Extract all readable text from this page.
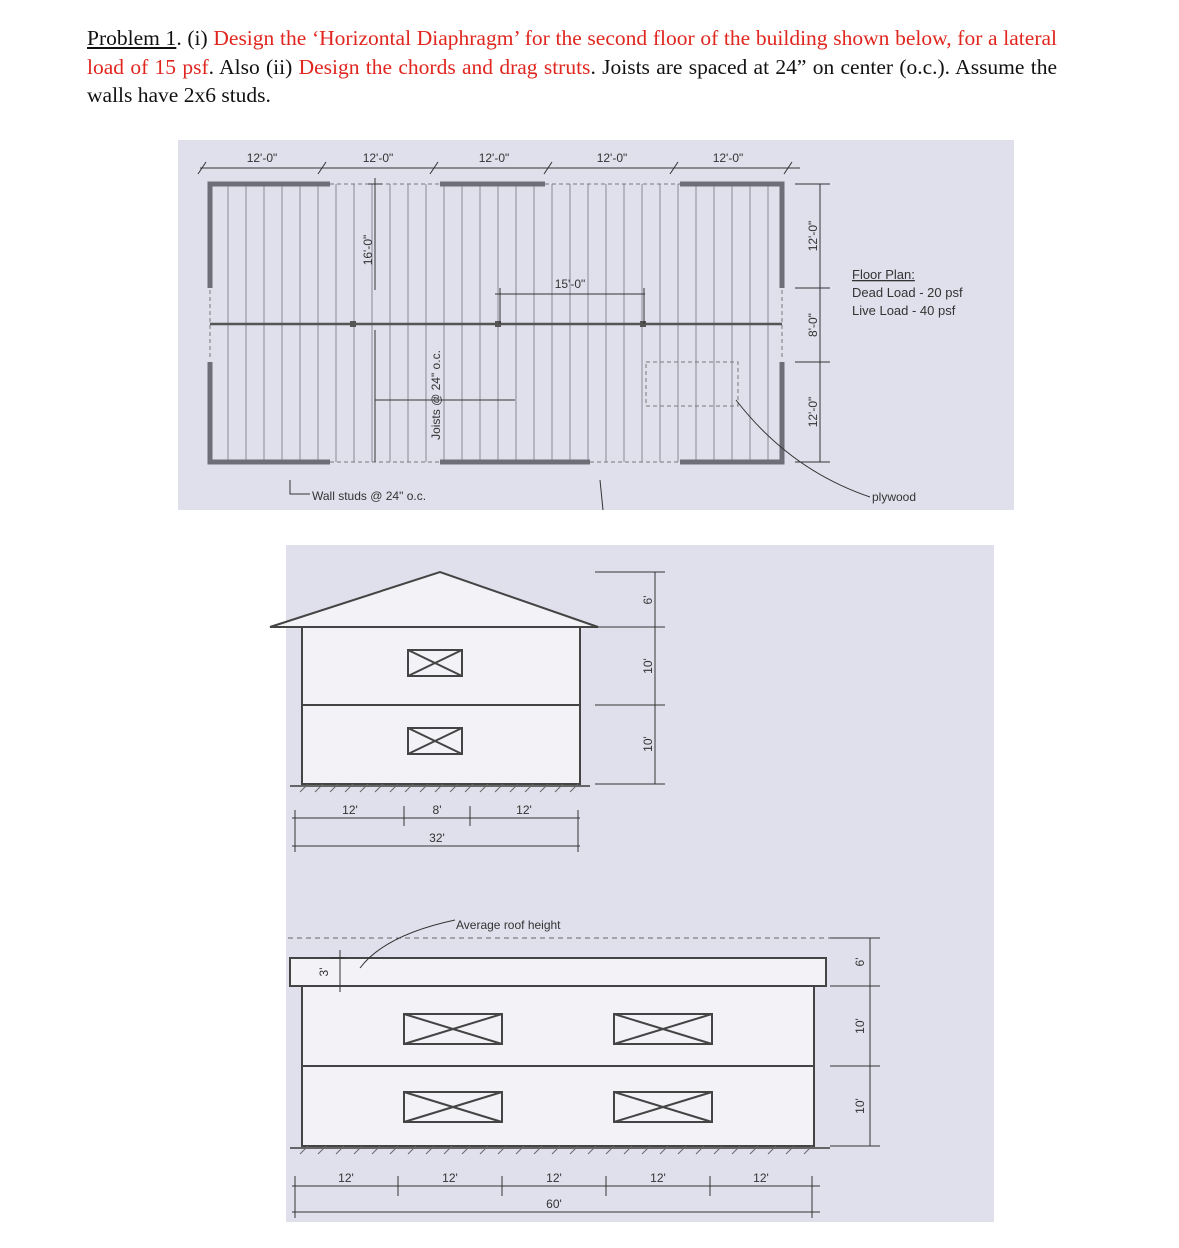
Problem 1. (i) Design the ‘Horizontal Diaphragm’ for the second floor of the building shown below, for a lateral load of 15 psf. Also (ii) Design the chords and drag struts. Joists are spaced at 24” on center (o.c.). Assume the walls have 2x6 studs.
12'-0"	12'-0"	12'-0"	12'-0"	12'-0"
16'-0"
15'-0"
Joists @ 24" o.c.
12'-0"
8'-0"
12'-0"
Floor Plan:
Dead Load - 20 psf
Live Load - 40 psf
Wall studs @ 24" o.c.	plywood
6'
10'
10'
12'	8'	12'
32'
Average roof height
3'
6'
10'
10'
12'	12'	12'	12'	12'
60'
